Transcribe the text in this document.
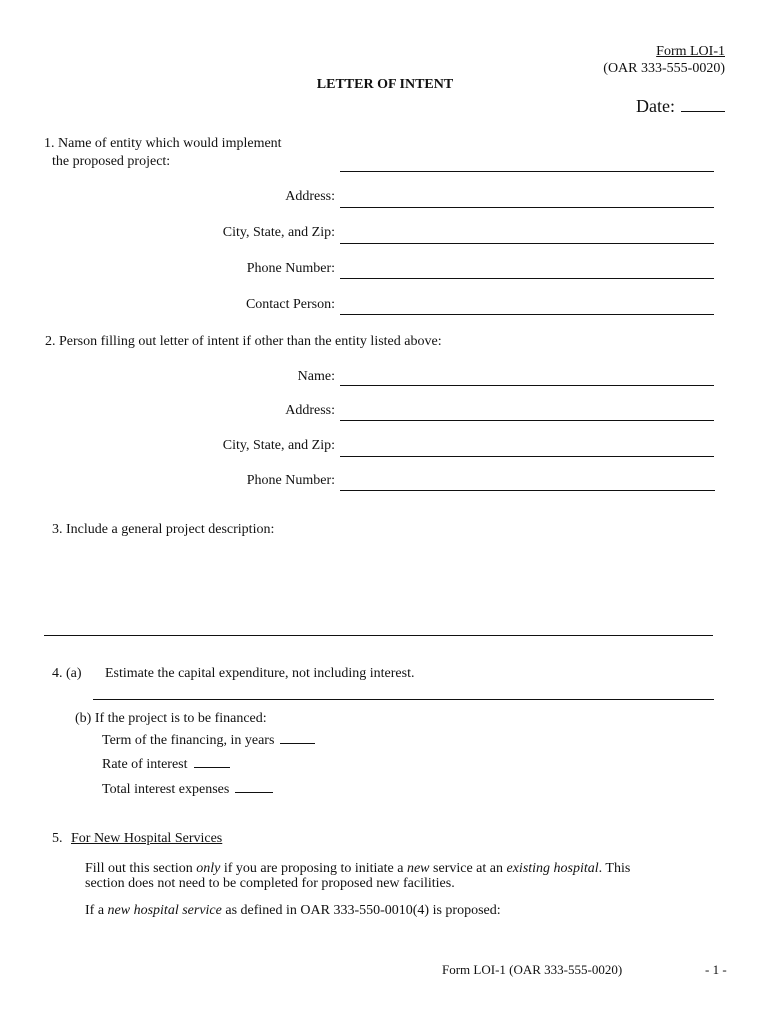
Form LOI-1
(OAR 333-555-0020)
LETTER OF INTENT
Date:
1. Name of entity which would implement
the proposed project:
Address:
City, State, and Zip:
Phone Number:
Contact Person:
2. Person filling out letter of intent if other than the entity listed above:
Name:
Address:
City, State, and Zip:
Phone Number:
3. Include a general project description:
4. (a) Estimate the capital expenditure, not including interest.
(b) If the project is to be financed:
Term of the financing, in years
Rate of interest
Total interest expenses
5. For New Hospital Services
Fill out this section only if you are proposing to initiate a new service at an existing hospital. This
section does not need to be completed for proposed new facilities.
If a new hospital service as defined in OAR 333-550-0010(4) is proposed:
Form LOI-1 (OAR 333-555-0020)	- 1 -
